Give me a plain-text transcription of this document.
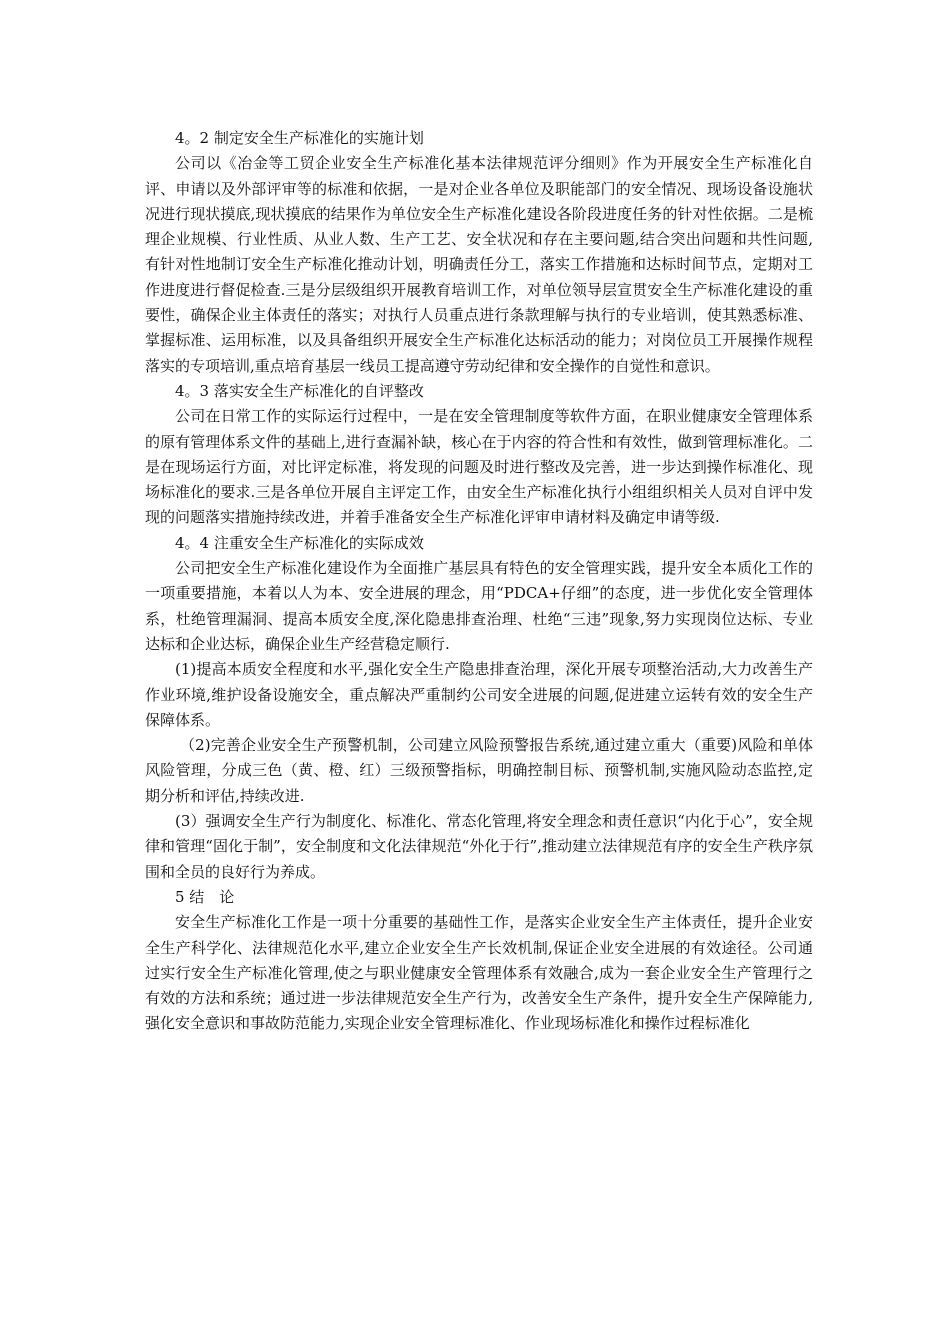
4。2 制定安全生产标准化的实施计划

公司以《冶金等工贸企业安全生产标准化基本法律规范评分细则》作为开展安全生产标准化自评、申请以及外部评审等的标准和依据，一是对企业各单位及职能部门的安全情况、现场设备设施状况进行现状摸底,现状摸底的结果作为单位安全生产标准化建设各阶段进度任务的针对性依据。二是梳理企业规模、行业性质、从业人数、生产工艺、安全状况和存在主要问题,结合突出问题和共性问题,有针对性地制订安全生产标准化推动计划，明确责任分工，落实工作措施和达标时间节点，定期对工作进度进行督促检查.三是分层级组织开展教育培训工作，对单位领导层宣贯安全生产标准化建设的重要性，确保企业主体责任的落实；对执行人员重点进行条款理解与执行的专业培训，使其熟悉标准、掌握标准、运用标准，以及具备组织开展安全生产标准化达标活动的能力；对岗位员工开展操作规程落实的专项培训,重点培育基层一线员工提高遵守劳动纪律和安全操作的自觉性和意识。

4。3 落实安全生产标准化的自评整改

公司在日常工作的实际运行过程中，一是在安全管理制度等软件方面，在职业健康安全管理体系的原有管理体系文件的基础上,进行查漏补缺，核心在于内容的符合性和有效性，做到管理标准化。二是在现场运行方面，对比评定标准，将发现的问题及时进行整改及完善，进一步达到操作标准化、现场标准化的要求.三是各单位开展自主评定工作，由安全生产标准化执行小组组织相关人员对自评中发现的问题落实措施持续改进，并着手准备安全生产标准化评审申请材料及确定申请等级.

4。4 注重安全生产标准化的实际成效

公司把安全生产标准化建设作为全面推广基层具有特色的安全管理实践，提升安全本质化工作的一项重要措施，本着以人为本、安全进展的理念，用“PDCA+仔细”的态度，进一步优化安全管理体系，杜绝管理漏洞、提高本质安全度,深化隐患排查治理、杜绝“三违”现象,努力实现岗位达标、专业达标和企业达标，确保企业生产经营稳定顺行.

(1)提高本质安全程度和水平,强化安全生产隐患排查治理，深化开展专项整治活动,大力改善生产作业环境,维护设备设施安全，重点解决严重制约公司安全进展的问题,促进建立运转有效的安全生产保障体系。

（2)完善企业安全生产预警机制，公司建立风险预警报告系统,通过建立重大（重要)风险和单体风险管理，分成三色（黄、橙、红）三级预警指标，明确控制目标、预警机制,实施风险动态监控,定期分析和评估,持续改进.

(3）强调安全生产行为制度化、标准化、常态化管理,将安全理念和责任意识“内化于心”，安全规律和管理“固化于制”，安全制度和文化法律规范“外化于行”,推动建立法律规范有序的安全生产秩序氛围和全员的良好行为养成。

5 结　论

安全生产标准化工作是一项十分重要的基础性工作，是落实企业安全生产主体责任，提升企业安全生产科学化、法律规范化水平,建立企业安全生产长效机制,保证企业安全进展的有效途径。公司通过实行安全生产标准化管理,使之与职业健康安全管理体系有效融合,成为一套企业安全生产管理行之有效的方法和系统；通过进一步法律规范安全生产行为，改善安全生产条件，提升安全生产保障能力,强化安全意识和事故防范能力,实现企业安全管理标准化、作业现场标准化和操作过程标准化
